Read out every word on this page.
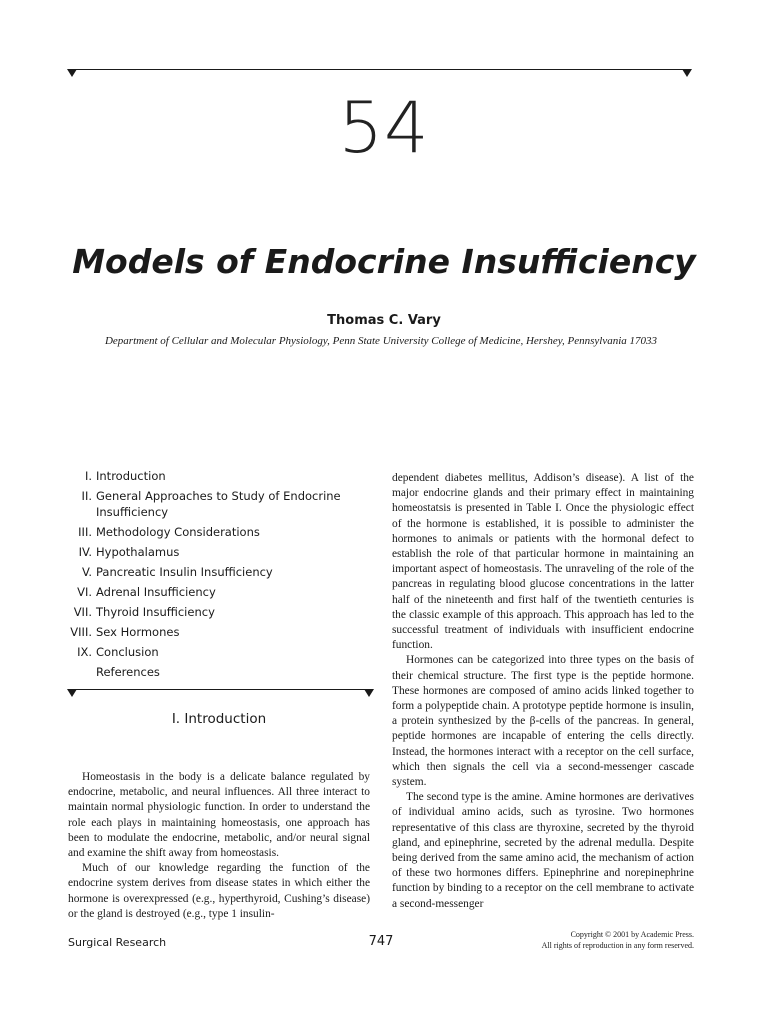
54
Models of Endocrine Insufficiency
Thomas C. Vary
Department of Cellular and Molecular Physiology, Penn State University College of Medicine, Hershey, Pennsylvania 17033
I. Introduction
II. General Approaches to Study of Endocrine Insufficiency
III. Methodology Considerations
IV. Hypothalamus
V. Pancreatic Insulin Insufficiency
VI. Adrenal Insufficiency
VII. Thyroid Insufficiency
VIII. Sex Hormones
IX. Conclusion
References
I. Introduction

Homeostasis in the body is a delicate balance regulated by endocrine, metabolic, and neural influences. All three interact to maintain normal physiologic function. In order to understand the role each plays in maintaining homeostasis, one approach has been to modulate the endocrine, metabolic, and/or neural signal and examine the shift away from homeostasis.

Much of our knowledge regarding the function of the endocrine system derives from disease states in which either the hormone is overexpressed (e.g., hyperthyroid, Cushing’s disease) or the gland is destroyed (e.g., type 1 insulin-

dependent diabetes mellitus, Addison’s disease). A list of the major endocrine glands and their primary effect in maintaining homeostatsis is presented in Table I. Once the physiologic effect of the hormone is established, it is possible to administer the hormones to animals or patients with the hormonal defect to establish the role of that particular hormone in maintaining an important aspect of homeostasis. The unraveling of the role of the pancreas in regulating blood glucose concentrations in the latter half of the nineteenth and first half of the twentieth centuries is the classic example of this approach. This approach has led to the successful treatment of individuals with insufficient endocrine function.

Hormones can be categorized into three types on the basis of their chemical structure. The first type is the peptide hormone. These hormones are composed of amino acids linked together to form a polypeptide chain. A prototype peptide hormone is insulin, a protein synthesized by the β-cells of the pancreas. In general, peptide hormones are incapable of entering the cells directly. Instead, the hormones interact with a receptor on the cell surface, which then signals the cell via a second-messenger cascade system.

The second type is the amine. Amine hormones are derivatives of individual amino acids, such as tyrosine. Two hormones representative of this class are thyroxine, secreted by the thyroid gland, and epinephrine, secreted by the adrenal medulla. Despite being derived from the same amino acid, the mechanism of action of these two hormones differs. Epinephrine and norepinephrine function by binding to a receptor on the cell membrane to activate a second-messenger

Surgical Research	747	Copyright © 2001 by Academic Press.
All rights of reproduction in any form reserved.
